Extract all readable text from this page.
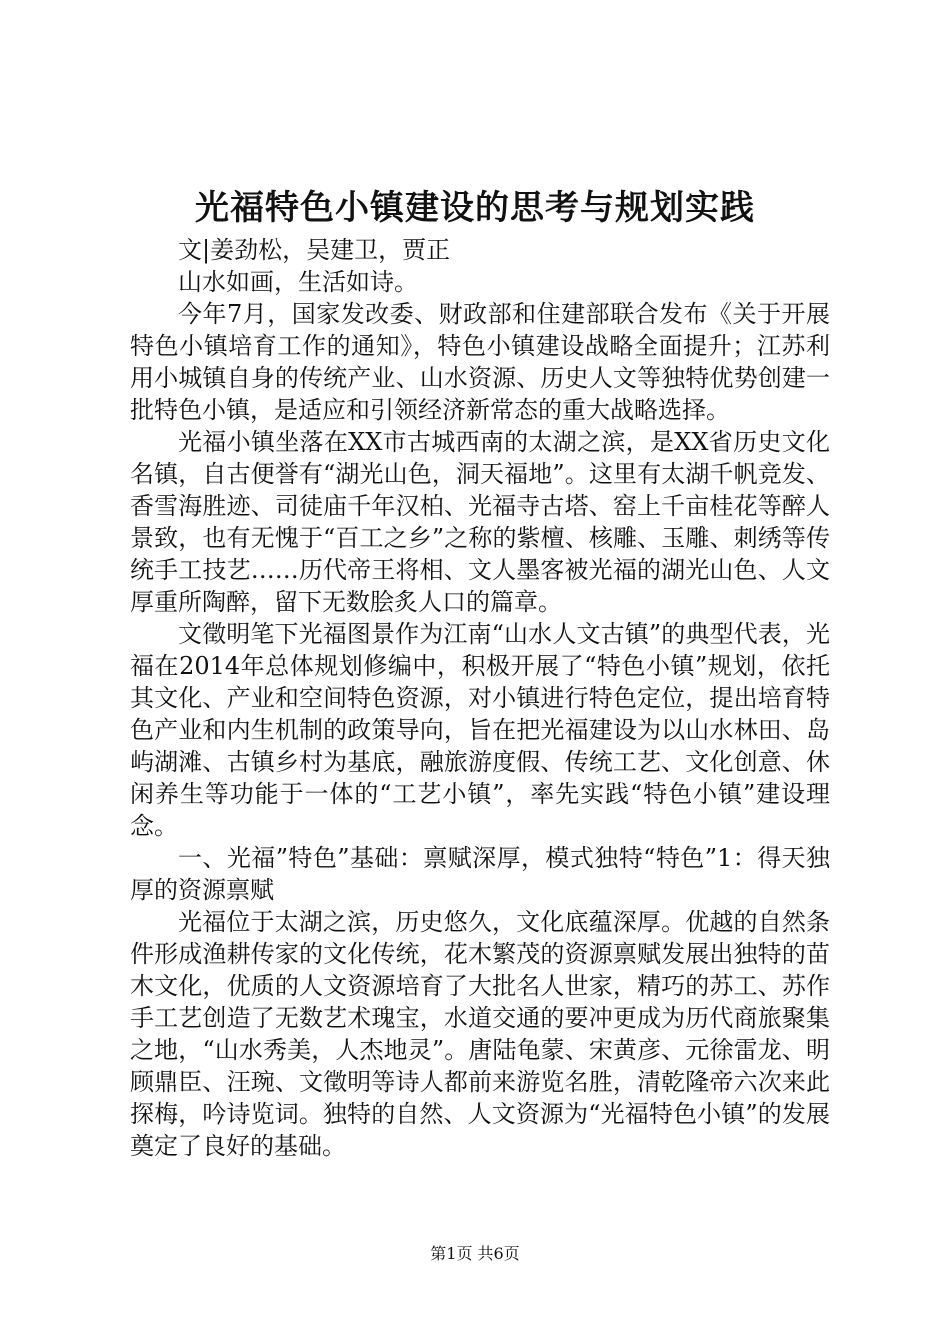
光福特色小镇建设的思考与规划实践

文|姜劲松，吴建卫，贾正

山水如画，生活如诗。

今年7月，国家发改委、财政部和住建部联合发布《关于开展特色小镇培育工作的通知》，特色小镇建设战略全面提升；江苏利用小城镇自身的传统产业、山水资源、历史人文等独特优势创建一批特色小镇，是适应和引领经济新常态的重大战略选择。

光福小镇坐落在XX市古城西南的太湖之滨，是XX省历史文化名镇，自古便誉有“湖光山色，洞天福地”。这里有太湖千帆竞发、香雪海胜迹、司徒庙千年汉柏、光福寺古塔、窑上千亩桂花等醉人景致，也有无愧于“百工之乡”之称的紫檀、核雕、玉雕、刺绣等传统手工技艺……历代帝王将相、文人墨客被光福的湖光山色、人文厚重所陶醉，留下无数脍炙人口的篇章。

文徵明笔下光福图景作为江南“山水人文古镇”的典型代表，光福在2014年总体规划修编中，积极开展了“特色小镇”规划，依托其文化、产业和空间特色资源，对小镇进行特色定位，提出培育特色产业和内生机制的政策导向，旨在把光福建设为以山水林田、岛屿湖滩、古镇乡村为基底，融旅游度假、传统工艺、文化创意、休闲养生等功能于一体的“工艺小镇”，率先实践“特色小镇”建设理念。

一、光福”特色”基础：禀赋深厚，模式独特“特色”1：得天独厚的资源禀赋

光福位于太湖之滨，历史悠久，文化底蕴深厚。优越的自然条件形成渔耕传家的文化传统，花木繁茂的资源禀赋发展出独特的苗木文化，优质的人文资源培育了大批名人世家，精巧的苏工、苏作手工艺创造了无数艺术瑰宝，水道交通的要冲更成为历代商旅聚集之地，“山水秀美，人杰地灵”。唐陆龟蒙、宋黄彦、元徐雷龙、明顾鼎臣、汪琬、文徵明等诗人都前来游览名胜，清乾隆帝六次来此探梅，吟诗览词。独特的自然、人文资源为“光福特色小镇”的发展奠定了良好的基础。

第1页 共6页
